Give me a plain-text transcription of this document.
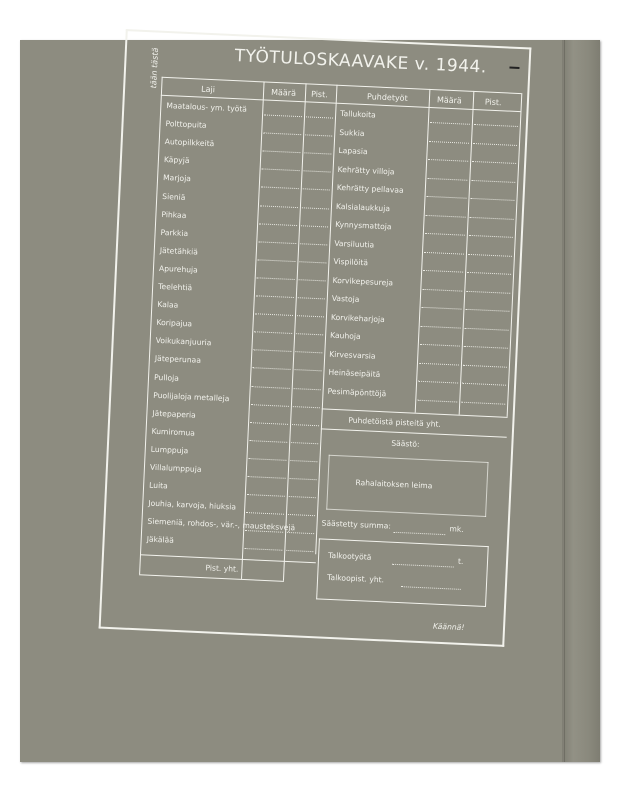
tään tästä	TYÖTULOSKAAVAKE v. 1944.
Laji	Määrä Pist.	Puhdetyöt	Määrä	Pist.
Maatalous- ym. työtä
Polttopuita
Autopilkkeitä
Käpyjä
Marjoja
Sieniä
Pihkaa
Parkkia
Jätetähkiä
Apurehuja
Teelehtiä
Kalaa
Koripajua
Voikukanjuuria
Jäteperunaa
Pulloja
Puolijaloja metalleja
Jätepaperia
Kumiromua
Lumppuja
Villalumppuja
Luita
Jouhia, karvoja, hiuksia
Siemeniä, rohdos-, vär.-, mausteksvejä
Jäkälää
Tallukoita
Sukkia
Lapasia
Kehrätty villoja
Kehrätty pellavaa
Kalsialaukkuja
Kynnysmattoja
Varsiluutia
Vispilöitä
Korvikepesureja
Vastoja
Korvikeharjoja
Kauhoja
Kirvesvarsia
Heinäseipäitä
Pesimäpönttöjä
Puhdetöistä pisteitä yht.
Säästö:
Rahalaitoksen leima
Säästetty summa:	mk.
Talkootyötä	t.
Talkoopist. yht.
Pist. yht.
Käännä!
